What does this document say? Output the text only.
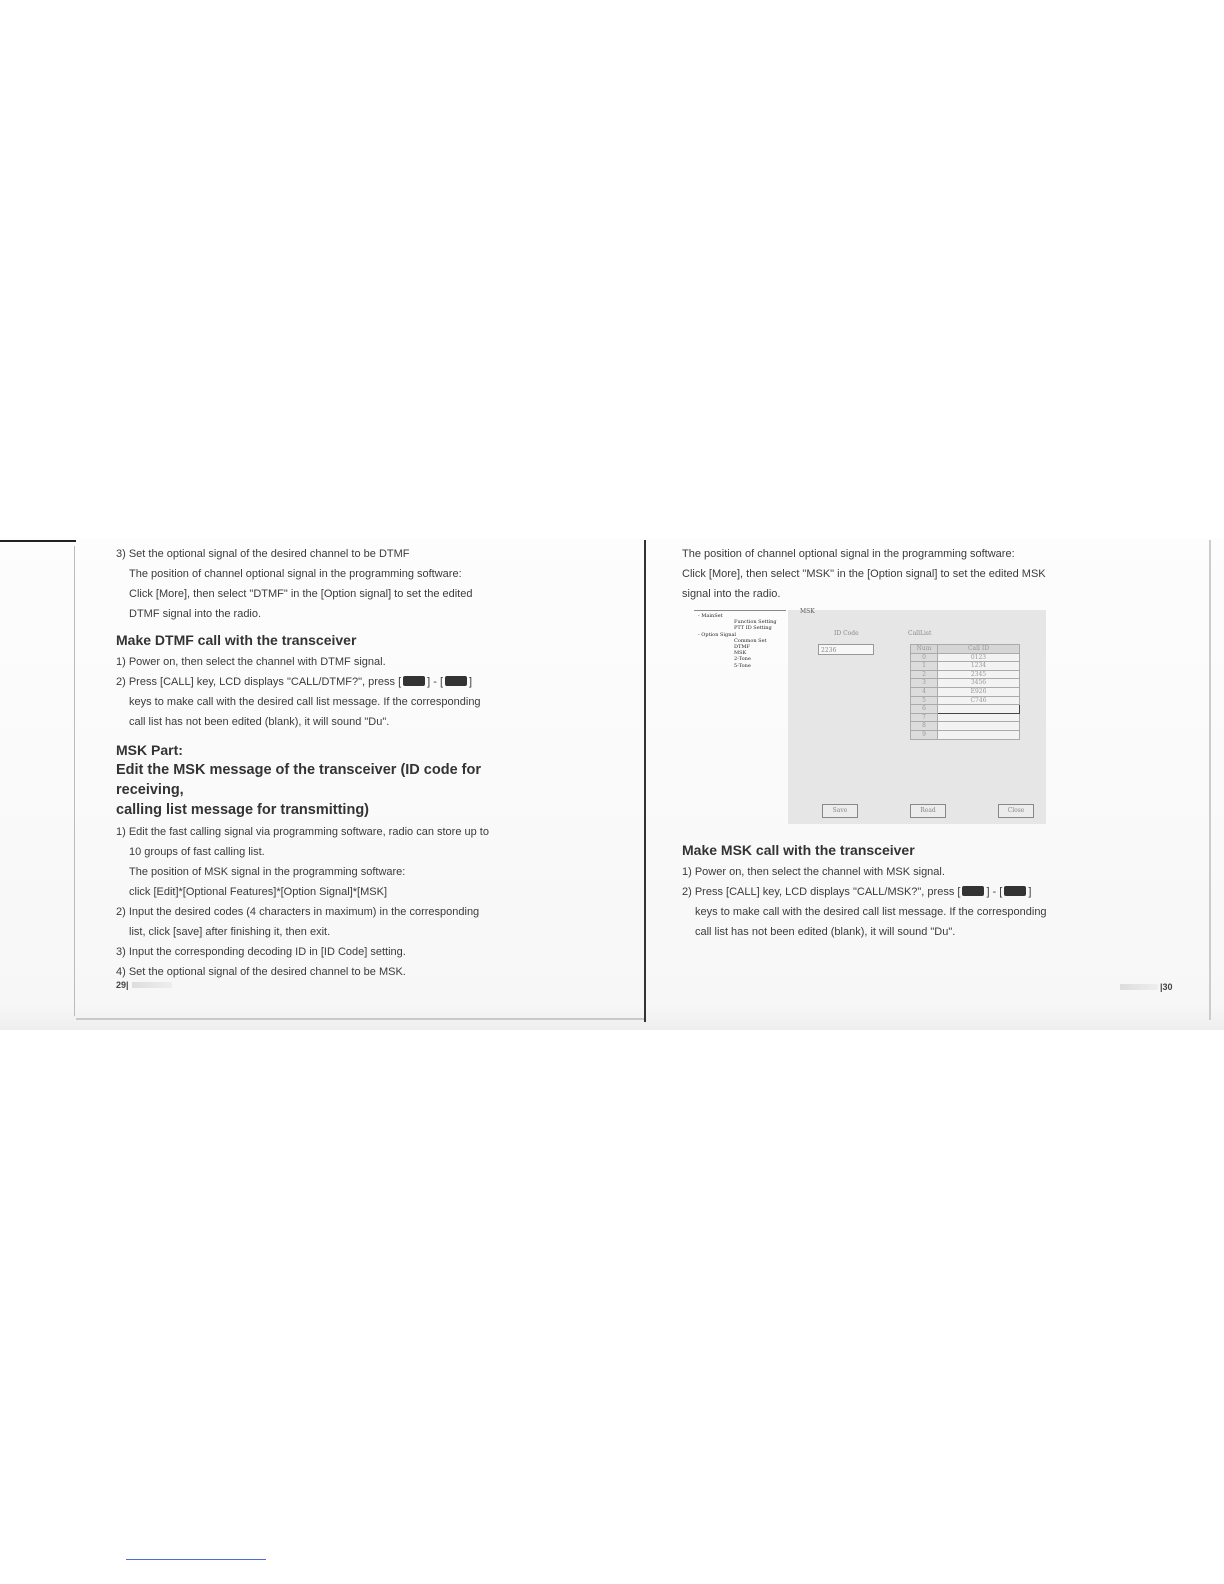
3) Set the optional signal of the desired channel to be DTMF

The position of channel optional signal in the programming software:

Click [More], then select "DTMF" in the [Option signal] to set the edited

DTMF signal into the radio.

Make DTMF call with the transceiver

1) Power on, then select the channel with DTMF signal.

2) Press [CALL] key, LCD displays "CALL/DTMF?", press [ ] - [ ]

keys to make call with the desired call list message. If the corresponding

call list has not been edited (blank), it will sound "Du".

MSK Part:
Edit the MSK message of the transceiver (ID code for receiving,
calling list message for transmitting)

1) Edit the fast calling signal via programming software, radio can store up to

10 groups of fast calling list.

The position of MSK signal in the programming software:

click [Edit]*[Optional Features]*[Option Signal]*[MSK]

2) Input the desired codes (4 characters in maximum) in the corresponding

list, click [save] after finishing it, then exit.

3) Input the corresponding decoding ID in [ID Code] setting.

4) Set the optional signal of the desired channel to be MSK.

29|

The position of channel optional signal in the programming software:

Click [More], then select "MSK" in the [Option signal] to set the edited MSK

signal into the radio.

- MainSet
Function Setting
PTT ID Setting
- Option Signal
Common Set
DTMF
MSK
2-Tone
5-Tone
MSK
ID Code
2236
CallList
Num	Call ID
0	0123
1	1234
2	2345
3	3456
4	E926
5	C746
6	
7	
8	
9	
Save	Read	Close
Make MSK call with the transceiver

1) Power on, then select the channel with MSK signal.

2) Press [CALL] key, LCD displays "CALL/MSK?", press [ ] - [ ]

keys to make call with the desired call list message. If the corresponding

call list has not been edited (blank), it will sound "Du".

|30
